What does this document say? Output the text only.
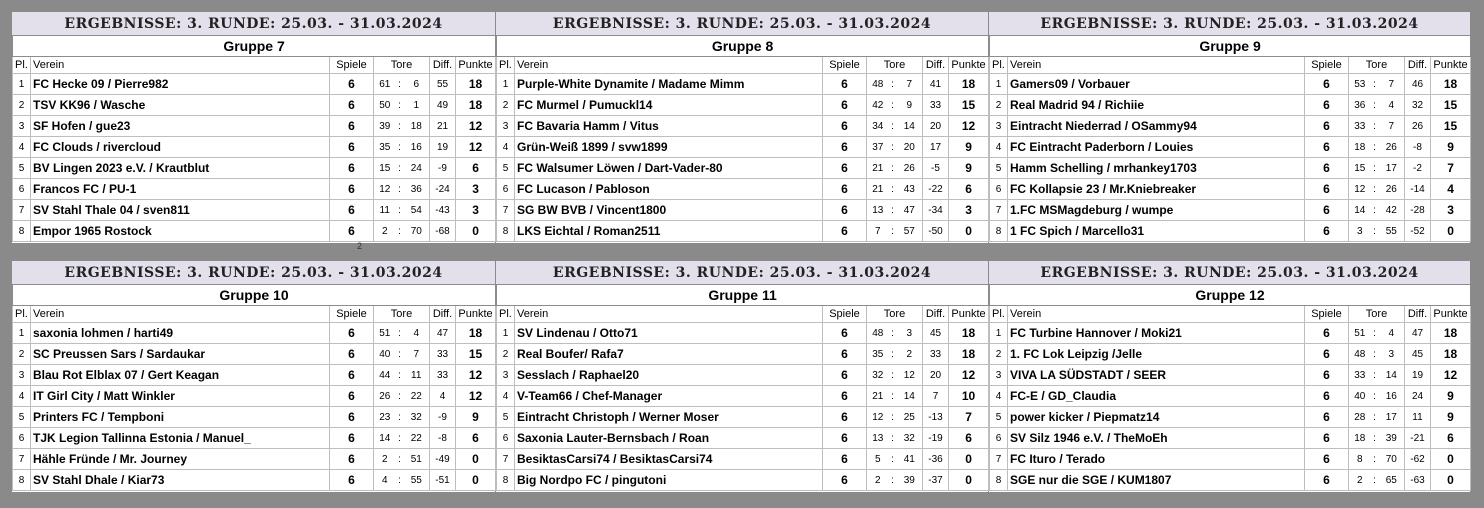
ERGEBNISSE: 3. RUNDE: 25.03. - 31.03.2024
Gruppe 7							
Pl.	Verein	Spiele	Tore			Diff.	Punkte
1	FC Hecke 09 / Pierre982	6	61	:	6	55	18
2	TSV KK96 / Wasche	6	50	:	1	49	18
3	SF Hofen / gue23	6	39	:	18	21	12
4	FC Clouds / rivercloud	6	35	:	16	19	12
5	BV Lingen 2023 e.V. / Krautblut	6	15	:	24	-9	6
6	Francos FC / PU-1	6	12	:	36	-24	3
7	SV Stahl Thale 04 / sven811	6	11	:	54	-43	3
8	Empor 1965 Rostock	6	2	:	70	-68	0
ERGEBNISSE: 3. RUNDE: 25.03. - 31.03.2024
Gruppe 8							
Pl.	Verein	Spiele	Tore			Diff.	Punkte
1	Purple-White Dynamite / Madame Mimm	6	48	:	7	41	18
2	FC Murmel / Pumuckl14	6	42	:	9	33	15
3	FC Bavaria Hamm / Vitus	6	34	:	14	20	12
4	Grün-Weiß 1899 / svw1899	6	37	:	20	17	9
5	FC Walsumer Löwen / Dart-Vader-80	6	21	:	26	-5	9
6	FC Lucason / Pabloson	6	21	:	43	-22	6
7	SG BW BVB / Vincent1800	6	13	:	47	-34	3
8	LKS Eichtal / Roman2511	6	7	:	57	-50	0
ERGEBNISSE: 3. RUNDE: 25.03. - 31.03.2024
Gruppe 9							
Pl.	Verein	Spiele	Tore			Diff.	Punkte
1	Gamers09 / Vorbauer	6	53	:	7	46	18
2	Real Madrid 94 / Richiie	6	36	:	4	32	15
3	Eintracht Niederrad / OSammy94	6	33	:	7	26	15
4	FC Eintracht Paderborn / Louies	6	18	:	26	-8	9
5	Hamm Schelling / mrhankey1703	6	15	:	17	-2	7
6	FC Kollapsie 23 / Mr.Kniebreaker	6	12	:	26	-14	4
7	1.FC MSMagdeburg / wumpe	6	14	:	42	-28	3
8	1 FC Spich / Marcello31	6	3	:	55	-52	0
ERGEBNISSE: 3. RUNDE: 25.03. - 31.03.2024
Gruppe 10							
Pl.	Verein	Spiele	Tore			Diff.	Punkte
1	saxonia lohmen / harti49	6	51	:	4	47	18
2	SC Preussen Sars / Sardaukar	6	40	:	7	33	15
3	Blau Rot Elblax 07 / Gert Keagan	6	44	:	11	33	12
4	IT Girl City / Matt Winkler	6	26	:	22	4	12
5	Printers FC / Tempboni	6	23	:	32	-9	9
6	TJK Legion Tallinna Estonia / Manuel_	6	14	:	22	-8	6
7	Hähle Fründe / Mr. Journey	6	2	:	51	-49	0
8	SV Stahl Dhale / Kiar73	6	4	:	55	-51	0
ERGEBNISSE: 3. RUNDE: 25.03. - 31.03.2024
Gruppe 11							
Pl.	Verein	Spiele	Tore			Diff.	Punkte
1	SV Lindenau / Otto71	6	48	:	3	45	18
2	Real Boufer/ Rafa7	6	35	:	2	33	18
3	Sesslach / Raphael20	6	32	:	12	20	12
4	V-Team66 / Chef-Manager	6	21	:	14	7	10
5	Eintracht Christoph / Werner Moser	6	12	:	25	-13	7
6	Saxonia Lauter-Bernsbach / Roan	6	13	:	32	-19	6
7	BesiktasCarsi74 / BesiktasCarsi74	6	5	:	41	-36	0
8	Big Nordpo FC / pingutoni	6	2	:	39	-37	0
ERGEBNISSE: 3. RUNDE: 25.03. - 31.03.2024
Gruppe 12							
Pl.	Verein	Spiele	Tore			Diff.	Punkte
1	FC Turbine Hannover / Moki21	6	51	:	4	47	18
2	1. FC Lok Leipzig /Jelle	6	48	:	3	45	18
3	VIVA LA SÜDSTADT / SEER	6	33	:	14	19	12
4	FC-E / GD_Claudia	6	40	:	16	24	9
5	power kicker / Piepmatz14	6	28	:	17	11	9
6	SV Silz 1946 e.V. / TheMoEh	6	18	:	39	-21	6
7	FC Ituro / Terado	6	8	:	70	-62	0
8	SGE nur die SGE / KUM1807	6	2	:	65	-63	0
2
